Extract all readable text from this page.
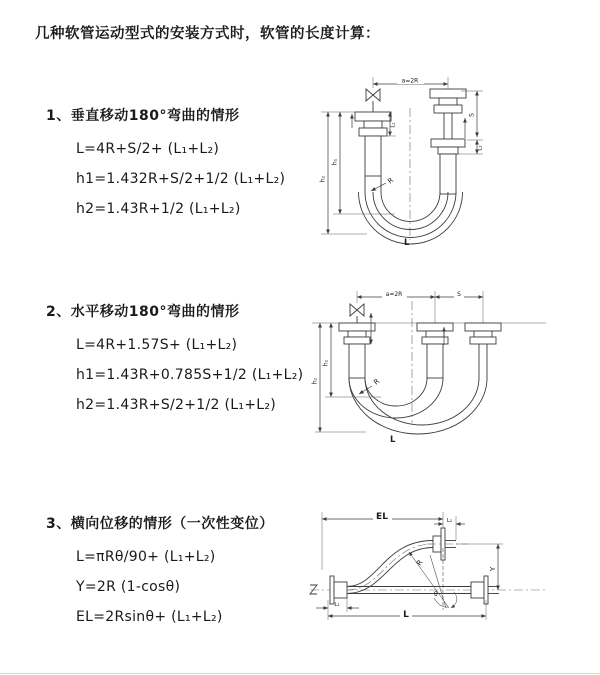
几种软管运动型式的安装方式时，软管的长度计算：
1、垂直移动180°弯曲的情形
L=4R+S/2+ (L₁+L₂)
h1=1.432R+S/2+1/2 (L₁+L₂)
h2=1.43R+1/2 (L₁+L₂)
2、水平移动180°弯曲的情形
L=4R+1.57S+ (L₁+L₂)
h1=1.43R+0.785S+1/2 (L₁+L₂)
h2=1.43R+S/2+1/2 (L₁+L₂)
3、横向位移的情形（一次性变位）
L=πRθ/90+ (L₁+L₂)
Y=2R (1-cosθ)
EL=2Rsinθ+ (L₁+L₂)
a=2R
h₁
h₂
L₁
S
L₂
R
L
a=2R	S
h₁
h₂	R
L
EL	L₂
Y
L
L₁
R
θ
